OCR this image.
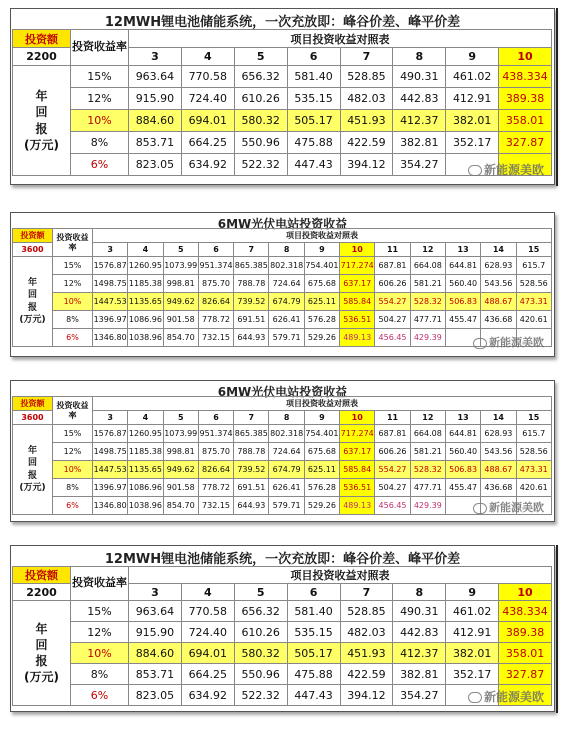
12MWH锂电池储能系统，一次充放即：峰谷价差、峰平价差
投资额	投资收益率	项目投资收益对照表							
2200		3	4	5	6	7	8	9	10

年
回
报
(万元)	15%	963.64	770.58	656.32	581.40	528.85	490.31	461.02	438.334
	12%	915.90	724.40	610.26	535.15	482.03	442.83	412.91	389.38
	10%	884.60	694.01	580.32	505.17	451.93	412.37	382.01	358.01
	8%	853.71	664.25	550.96	475.88	422.59	382.81	352.17	327.87
	6%	823.05	634.92	522.32	447.43	394.12	354.27			新能源美欧
6MW光伏电站投资收益
投资额	投资收益率	项目投资收益对照表												
3600		3	4	5	6	7	8	9	10	11	12	13	14	15

年
回
报
(万元)	15%	1576.87	1260.95	1073.99	951.374	865.385	802.318	754.401	717.274	687.81	664.08	644.81	628.93	615.7
	12%	1498.75	1185.38	998.81	875.70	788.78	724.64	675.68	637.17	606.26	581.21	560.40	543.56	528.56
	10%	1447.53	1135.65	949.62	826.64	739.52	674.79	625.11	585.84	554.27	528.32	506.83	488.67	473.31
	8%	1396.97	1086.96	901.58	778.72	691.51	626.41	576.28	536.51	504.27	477.71	455.47	436.68	420.61
	6%	1346.80	1038.96	854.70	732.15	644.93	579.71	529.26	489.13	456.45	429.39				新能源美欧
6MW光伏电站投资收益
投资额	投资收益率	项目投资收益对照表												
3600		3	4	5	6	7	8	9	10	11	12	13	14	15

年
回
报
(万元)	15%	1576.87	1260.95	1073.99	951.374	865.385	802.318	754.401	717.274	687.81	664.08	644.81	628.93	615.7
	12%	1498.75	1185.38	998.81	875.70	788.78	724.64	675.68	637.17	606.26	581.21	560.40	543.56	528.56
	10%	1447.53	1135.65	949.62	826.64	739.52	674.79	625.11	585.84	554.27	528.32	506.83	488.67	473.31
	8%	1396.97	1086.96	901.58	778.72	691.51	626.41	576.28	536.51	504.27	477.71	455.47	436.68	420.61
	6%	1346.80	1038.96	854.70	732.15	644.93	579.71	529.26	489.13	456.45	429.39				新能源美欧
12MWH锂电池储能系统，一次充放即：峰谷价差、峰平价差
投资额	投资收益率	项目投资收益对照表							
2200		3	4	5	6	7	8	9	10

年
回
报
(万元)	15%	963.64	770.58	656.32	581.40	528.85	490.31	461.02	438.334
	12%	915.90	724.40	610.26	535.15	482.03	442.83	412.91	389.38
	10%	884.60	694.01	580.32	505.17	451.93	412.37	382.01	358.01
	8%	853.71	664.25	550.96	475.88	422.59	382.81	352.17	327.87
	6%	823.05	634.92	522.32	447.43	394.12	354.27			新能源美欧
